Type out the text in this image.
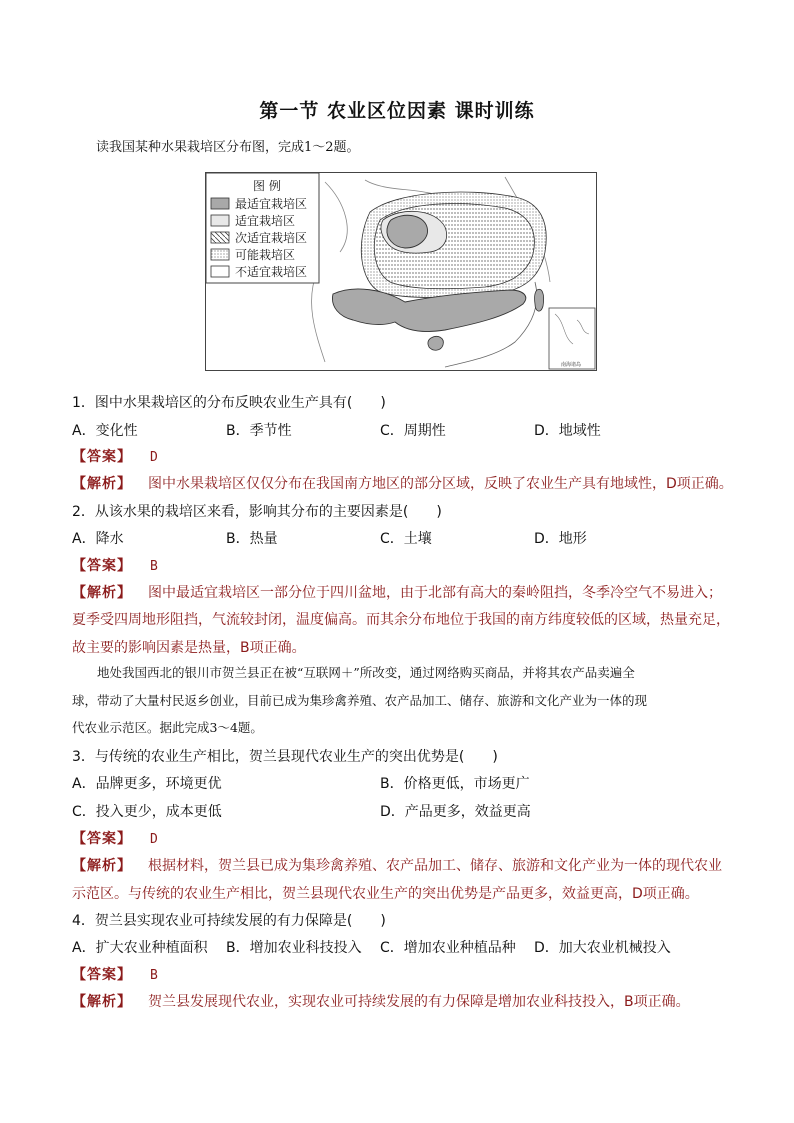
第一节 农业区位因素 课时训练
读我国某种水果栽培区分布图，完成1～2题。
图 例
最适宜栽培区
适宜栽培区
次适宜栽培区
可能栽培区
不适宜栽培区
南海诸岛
1．图中水果栽培区的分布反映农业生产具有(　　)
A．变化性	B．季节性	C．周期性	D．地域性
【答案】 D
【解析】 图中水果栽培区仅仅分布在我国南方地区的部分区域，反映了农业生产具有地域性，D项正确。
2．从该水果的栽培区来看，影响其分布的主要因素是(　　)
A．降水	B．热量	C．土壤	D．地形
【答案】 B
【解析】 图中最适宜栽培区一部分位于四川盆地，由于北部有高大的秦岭阻挡，冬季冷空气不易进入；
夏季受四周地形阻挡，气流较封闭，温度偏高。而其余分布地位于我国的南方纬度较低的区域，热量充足，
故主要的影响因素是热量，B项正确。
　　地处我国西北的银川市贺兰县正在被“互联网＋”所改变，通过网络购买商品，并将其农产品卖遍全
球，带动了大量村民返乡创业，目前已成为集珍禽养殖、农产品加工、储存、旅游和文化产业为一体的现
代农业示范区。据此完成3～4题。
3．与传统的农业生产相比，贺兰县现代农业生产的突出优势是(　　)
A．品牌更多，环境更优	B．价格更低，市场更广
C．投入更少，成本更低	D．产品更多，效益更高
【答案】 D
【解析】 根据材料，贺兰县已成为集珍禽养殖、农产品加工、储存、旅游和文化产业为一体的现代农业
示范区。与传统的农业生产相比，贺兰县现代农业生产的突出优势是产品更多，效益更高，D项正确。
4．贺兰县实现农业可持续发展的有力保障是(　　)
A．扩大农业种植面积 B．增加农业科技投入 C．增加农业种植品种 D．加大农业机械投入
【答案】 B
【解析】 贺兰县发展现代农业，实现农业可持续发展的有力保障是增加农业科技投入，B项正确。
